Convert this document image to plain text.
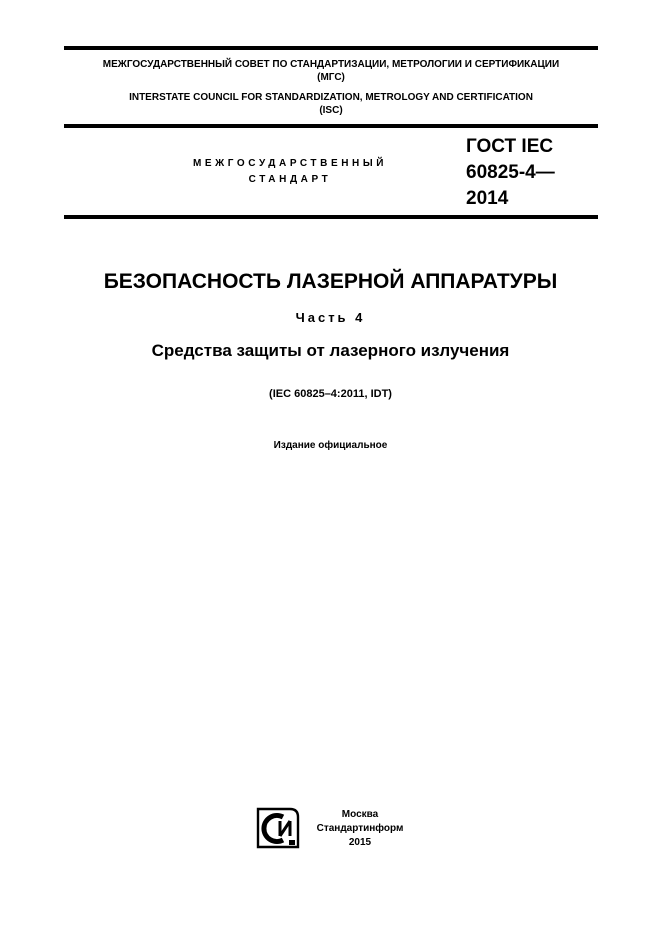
МЕЖГОСУДАРСТВЕННЫЙ СОВЕТ ПО СТАНДАРТИЗАЦИИ, МЕТРОЛОГИИ И СЕРТИФИКАЦИИ
(МГС)
INTERSTATE COUNCIL FOR STANDARDIZATION, METROLOGY AND CERTIFICATION
(ISC)
МЕЖГОСУДАРСТВЕННЫЙ
СТАНДАРТ
ГОСТ IEC
60825-4—
2014
БЕЗОПАСНОСТЬ ЛАЗЕРНОЙ АППАРАТУРЫ
Часть 4
Средства защиты от лазерного излучения
(IEC 60825–4:2011, IDT)
Издание официальное
Москва
Стандартинформ
2015
